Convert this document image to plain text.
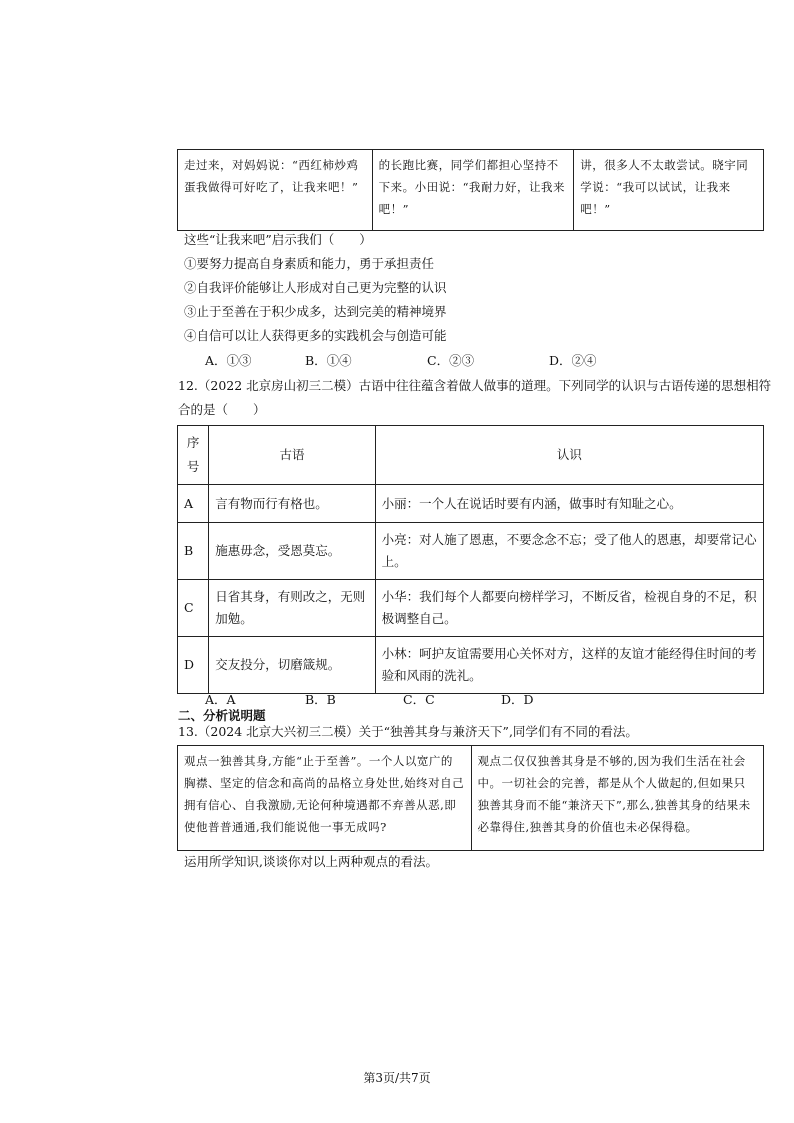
走过来，对妈妈说：“西红柿炒鸡蛋我做得可好吃了，让我来吧！”	的长跑比赛，同学们都担心坚持不下来。小田说：“我耐力好，让我来吧！”	讲，很多人不太敢尝试。晓宇同学说：“我可以试试，让我来吧！”
这些“让我来吧”启示我们（　　）
①要努力提高自身素质和能力，勇于承担责任
②自我评价能够让人形成对自己更为完整的认识
③止于至善在于积少成多，达到完美的精神境界
④自信可以让人获得更多的实践机会与创造可能
A．①③	B．①④	C．②③	D．②④
12.（2022 北京房山初三二模）古语中往往蕴含着做人做事的道理。下列同学的认识与古语传递的思想相符
合的是（　　）
序号	古语	认识
A	言有物而行有格也。	小丽：一个人在说话时要有内涵，做事时有知耻之心。
B	施惠毋念，受恩莫忘。	小亮：对人施了恩惠，不要念念不忘；受了他人的恩惠，却要常记心上。
C	日省其身，有则改之，无则加勉。	小华：我们每个人都要向榜样学习，不断反省，检视自身的不足，积极调整自己。
D	交友投分，切磨箴规。	小林：呵护友谊需要用心关怀对方，这样的友谊才能经得住时间的考验和风雨的洗礼。
A．A	B．B	C．C	D．D
二、分析说明题
13.（2024 北京大兴初三二模）关于“独善其身与兼济天下”,同学们有不同的看法。
观点一独善其身,方能“止于至善”。一个人以宽广的胸襟、坚定的信念和高尚的品格立身处世,始终对自己拥有信心、自我激励,无论何种境遇都不弃善从恶,即使他普普通通,我们能说他一事无成吗?	观点二仅仅独善其身是不够的,因为我们生活在社会中。一切社会的完善，都是从个人做起的,但如果只独善其身而不能“兼济天下”,那么,独善其身的结果未必靠得住,独善其身的价值也未必保得稳。
运用所学知识,谈谈你对以上两种观点的看法。
第3页/共7页
